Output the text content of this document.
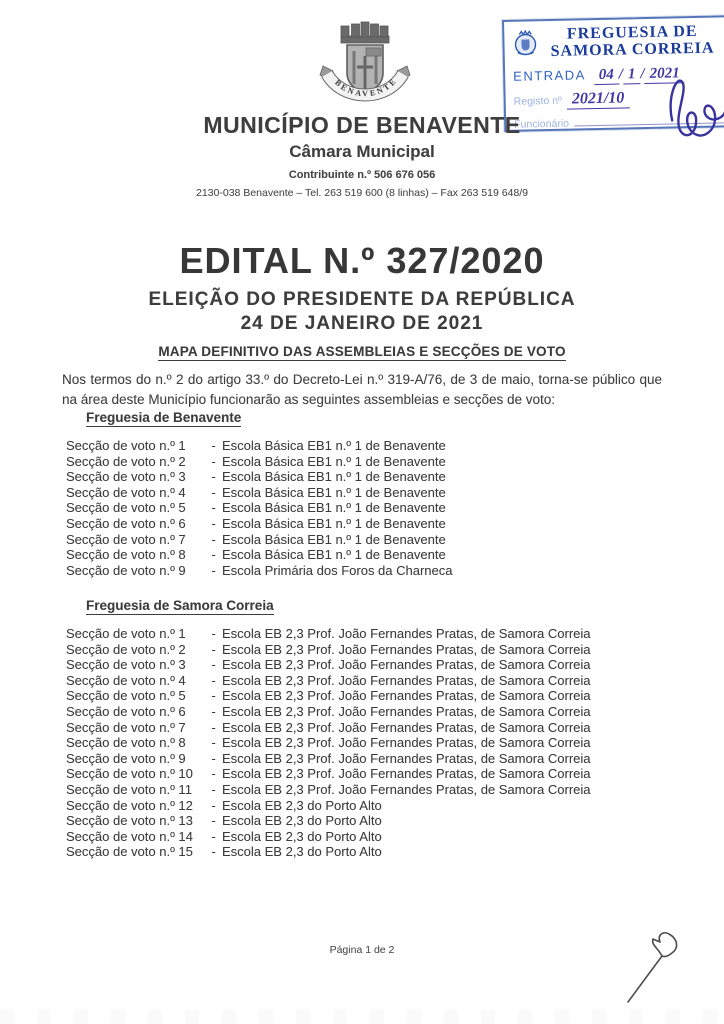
BENAVENTE
FREGUESIA DE
SAMORA CORREIA
ENTRADA 04 / 1 / 2021
Registo nº 2021/10
Funcionário
MUNICÍPIO DE BENAVENTE
Câmara Municipal
Contribuinte n.º 506 676 056
2130-038 Benavente – Tel. 263 519 600 (8 linhas) – Fax 263 519 648/9
EDITAL N.º 327/2020
ELEIÇÃO DO PRESIDENTE DA REPÚBLICA
24 DE JANEIRO DE 2021
MAPA DEFINITIVO DAS ASSEMBLEIAS E SECÇÕES DE VOTO

Nos termos do n.º 2 do artigo 33.º do Decreto-Lei n.º 319-A/76, de 3 de maio, torna-se público que na área deste Município funcionarão as seguintes assembleias e secções de voto:

Freguesia de Benavente
Secção de voto n.º 1	- Escola Básica EB1 n.º 1 de Benavente
Secção de voto n.º 2	- Escola Básica EB1 n.º 1 de Benavente
Secção de voto n.º 3	- Escola Básica EB1 n.º 1 de Benavente
Secção de voto n.º 4	- Escola Básica EB1 n.º 1 de Benavente
Secção de voto n.º 5	- Escola Básica EB1 n.º 1 de Benavente
Secção de voto n.º 6	- Escola Básica EB1 n.º 1 de Benavente
Secção de voto n.º 7	- Escola Básica EB1 n.º 1 de Benavente
Secção de voto n.º 8	- Escola Básica EB1 n.º 1 de Benavente
Secção de voto n.º 9	- Escola Primária dos Foros da Charneca
Freguesia de Samora Correia
Secção de voto n.º 1	- Escola EB 2,3 Prof. João Fernandes Pratas, de Samora Correia
Secção de voto n.º 2	- Escola EB 2,3 Prof. João Fernandes Pratas, de Samora Correia
Secção de voto n.º 3	- Escola EB 2,3 Prof. João Fernandes Pratas, de Samora Correia
Secção de voto n.º 4	- Escola EB 2,3 Prof. João Fernandes Pratas, de Samora Correia
Secção de voto n.º 5	- Escola EB 2,3 Prof. João Fernandes Pratas, de Samora Correia
Secção de voto n.º 6	- Escola EB 2,3 Prof. João Fernandes Pratas, de Samora Correia
Secção de voto n.º 7	- Escola EB 2,3 Prof. João Fernandes Pratas, de Samora Correia
Secção de voto n.º 8	- Escola EB 2,3 Prof. João Fernandes Pratas, de Samora Correia
Secção de voto n.º 9	- Escola EB 2,3 Prof. João Fernandes Pratas, de Samora Correia
Secção de voto n.º 10	- Escola EB 2,3 Prof. João Fernandes Pratas, de Samora Correia
Secção de voto n.º 11	- Escola EB 2,3 Prof. João Fernandes Pratas, de Samora Correia
Secção de voto n.º 12	- Escola EB 2,3 do Porto Alto
Secção de voto n.º 13	- Escola EB 2,3 do Porto Alto
Secção de voto n.º 14	- Escola EB 2,3 do Porto Alto
Secção de voto n.º 15	- Escola EB 2,3 do Porto Alto
Página 1 de 2
